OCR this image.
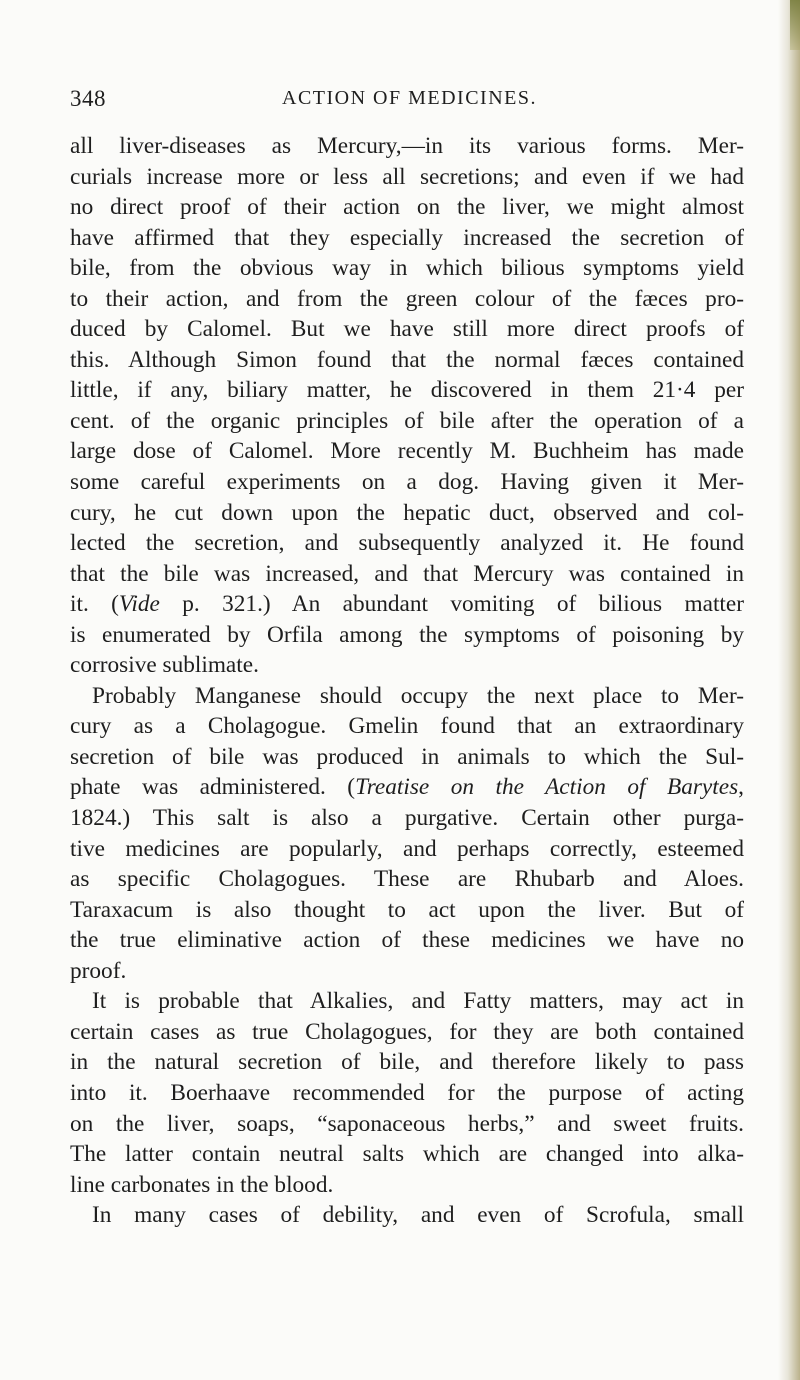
348	ACTION OF MEDICINES.
all liver-diseases as Mercury,—in its various forms. Mer-
curials increase more or less all secretions; and even if we had
no direct proof of their action on the liver, we might almost
have affirmed that they especially increased the secretion of
bile, from the obvious way in which bilious symptoms yield
to their action, and from the green colour of the fæces pro-
duced by Calomel. But we have still more direct proofs of
this. Although Simon found that the normal fæces contained
little, if any, biliary matter, he discovered in them 21·4 per
cent. of the organic principles of bile after the operation of a
large dose of Calomel. More recently M. Buchheim has made
some careful experiments on a dog. Having given it Mer-
cury, he cut down upon the hepatic duct, observed and col-
lected the secretion, and subsequently analyzed it. He found
that the bile was increased, and that Mercury was contained in
it. (Vide p. 321.) An abundant vomiting of bilious matter
is enumerated by Orfila among the symptoms of poisoning by
corrosive sublimate.
Probably Manganese should occupy the next place to Mer-
cury as a Cholagogue. Gmelin found that an extraordinary
secretion of bile was produced in animals to which the Sul-
phate was administered. (Treatise on the Action of Barytes,
1824.) This salt is also a purgative. Certain other purga-
tive medicines are popularly, and perhaps correctly, esteemed
as specific Cholagogues. These are Rhubarb and Aloes.
Taraxacum is also thought to act upon the liver. But of
the true eliminative action of these medicines we have no
proof.
It is probable that Alkalies, and Fatty matters, may act in
certain cases as true Cholagogues, for they are both contained
in the natural secretion of bile, and therefore likely to pass
into it. Boerhaave recommended for the purpose of acting
on the liver, soaps, “saponaceous herbs,” and sweet fruits.
The latter contain neutral salts which are changed into alka-
line carbonates in the blood.
In many cases of debility, and even of Scrofula, small
